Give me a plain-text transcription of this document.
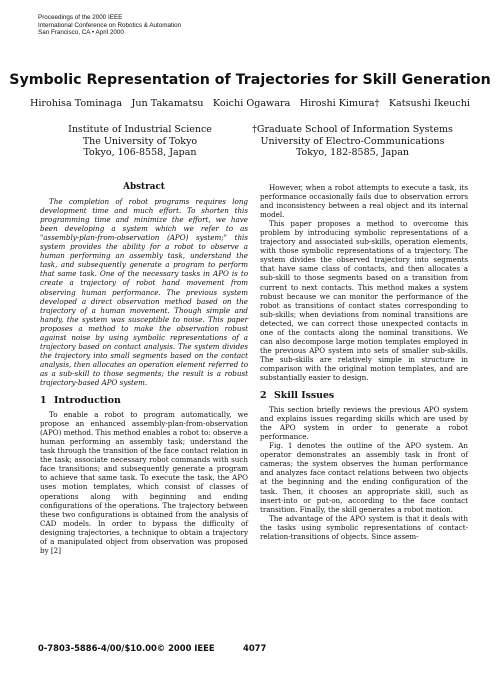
Proceedings of the 2000 IEEE
International Conference on Robotics & Automation
San Francisco, CA • April 2000
Symbolic Representation of Trajectories for Skill Generation
Hirohisa Tominaga Jun Takamatsu Koichi Ogawara Hiroshi Kimura† Katsushi Ikeuchi
Institute of Industrial Science
The University of Tokyo
Tokyo, 106-8558, Japan
†Graduate School of Information Systems
University of Electro-Communications
Tokyo, 182-8585, Japan
Abstract

The completion of robot programs requires long development time and much effort. To shorten this programming time and minimize the effort, we have been developing a system which we refer to as "assembly-plan-from-observation (APO) system;" this system provides the ability for a robot to observe a human performing an assembly task, understand the task, and subsequently generate a program to perform that same task. One of the necessary tasks in APO is to create a trajectory of robot hand movement from observing human performance. The previous system developed a direct observation method based on the trajectory of a human movement. Though simple and handy, the system was susceptible to noise. This paper proposes a method to make the observation robust against noise by using symbolic representations of a trajectory based on contact analysis. The system divides the trajectory into small segments based on the contact analysis, then allocates an operation element referred to as a sub-skill to those segments; the result is a robust trajectory-based APO system.

1 Introduction

To enable a robot to program automatically, we propose an enhanced assembly-plan-from-observation (APO) method. This method enables a robot to: observe a human performing an assembly task; understand the task through the transition of the face contact relation in the task; associate necessary robot commands with such face transitions; and subsequently generate a program to achieve that same task. To execute the task, the APO uses motion templates, which consist of classes of operations along with beginning and ending configurations of the operations. The trajectory between these two configurations is obtained from the analysis of CAD models. In order to bypass the difficulty of designing trajectories, a technique to obtain a trajectory of a manipulated object from observation was proposed by [2]

However, when a robot attempts to execute a task, its performance occasionally fails due to observation errors and inconsistency between a real object and its internal model.

This paper proposes a method to overcome this problem by introducing symbolic representations of a trajectory and associated sub-skills, operation elements, with those symbolic representations of a trajectory. The system divides the observed trajectory into segments that have same class of contacts, and then allocates a sub-skill to those segments based on a transition from current to next contacts. This method makes a system robust because we can monitor the performance of the robot as transitions of contact states corresponding to sub-skills; when deviations from nominal transitions are detected, we can correct those unexpected contacts in one of the contacts along the nominal transitions. We can also decompose large motion templates employed in the previous APO system into sets of smaller sub-skills. The sub-skills are relatively simple in structure in comparison with the original motion templates, and are substantially easier to design.

2 Skill Issues

This section briefly reviews the previous APO system and explains issues regarding skills which are used by the APO system in order to generate a robot performance.

Fig. 1 denotes the outline of the APO system. An operator demonstrates an assembly task in front of cameras; the system observes the human performance and analyzes face contact relations between two objects at the beginning and the ending configuration of the task. Then, it chooses an appropriate skill, such as insert-into or put-on, according to the face contact transition. Finally, the skill generates a robot motion.

The advantage of the APO system is that it deals with the tasks using symbolic representations of contact-relation-transitions of objects. Since assem-

0-7803-5886-4/00/$10.00© 2000 IEEE	4077
